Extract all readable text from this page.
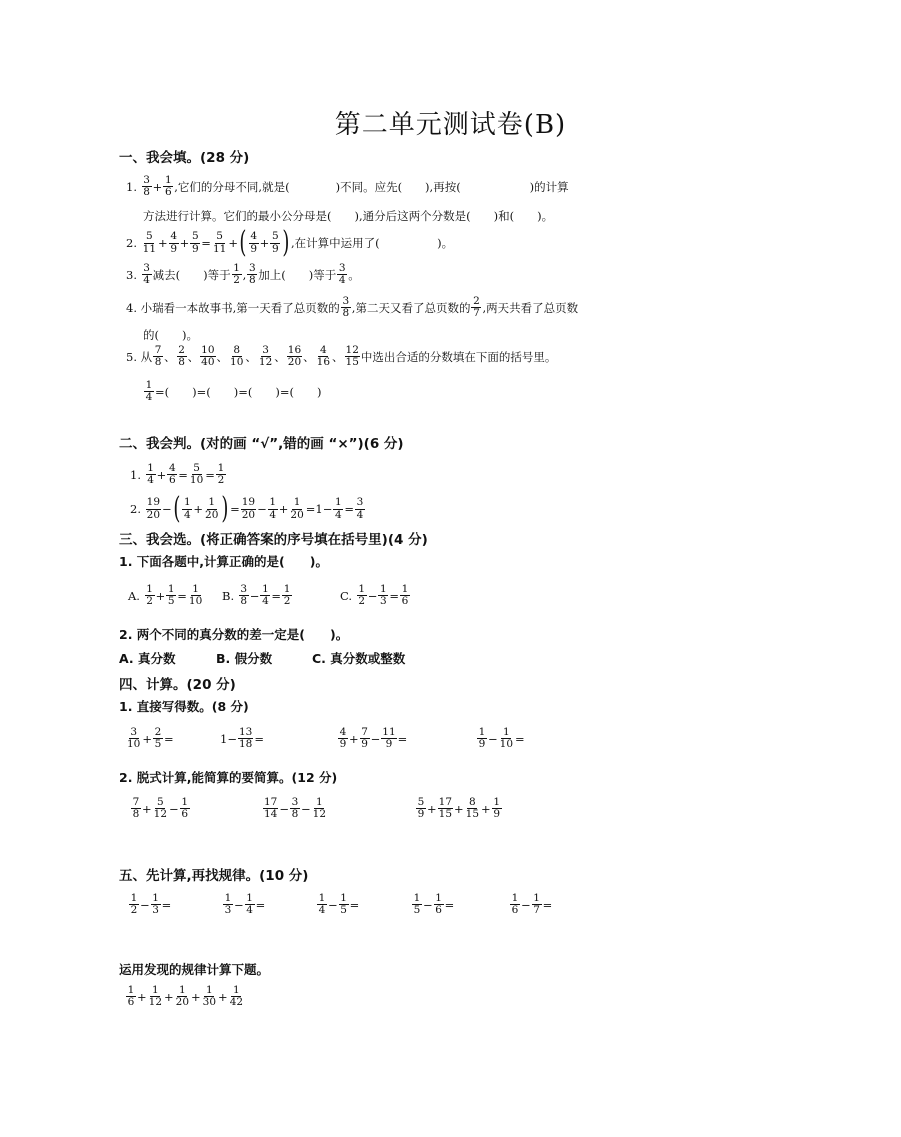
第二单元测试卷(B)
一、我会填。(28 分)
1.
$\frac{3}{8} + \frac{1}{6}$ ,它们的分母不同,就是(　　　　)不同。应先(　　),再按(　　　　　　)的计算
方法进行计算。它们的最小公分母是(　　),通分后这两个分数是(　　)和(　　)。
2.
$\frac{5}{11} + \frac{4}{9} + \frac{5}{9} = \frac{5}{11}$ + ( $\frac{4}{9} + \frac{5}{9}$ ) ,在计算中运用了(　　　　　)。
3.
$\frac{3}{4}$ 减去(　　)等于 $\frac{1}{2}$ , $\frac{3}{8}$ 加上(　　)等于 $\frac{3}{4}$ 。
4.
小瑞看一本故事书,第一天看了总页数的 $\frac{3}{8}$ ,第二天又看了总页数的 $\frac{2}{7}$ ,两天共看了总页数
的(　　)。
5.
从 $\frac{7}{8}$ 、 $\frac{2}{8}$ 、 $\frac{10}{40}$ 、 $\frac{8}{10}$ 、 $\frac{3}{12}$ 、 $\frac{16}{20}$ 、 $\frac{4}{16}$ 、 $\frac{12}{15}$ 中选出合适的分数填在下面的括号里。
$\frac{1}{4}$ =(　　)=(　　)=(　　)=(　　)
二、我会判。(对的画 “√”,错的画 “×”)(6 分)
1.
$\frac{1}{4} + \frac{4}{6} = \frac{5}{10} = \frac{1}{2}$
2.
$\frac{19}{20}$ − ( $\frac{1}{4} + \frac{1}{20}$ ) = $\frac{19}{20} - \frac{1}{4} + \frac{1}{20} = 1- \frac{1}{4} = \frac{3}{4}$
三、我会选。(将正确答案的序号填在括号里)(4 分)
1. 下面各题中,计算正确的是(　　)。
A.
$\frac{1}{2} + \frac{1}{5} = \frac{1}{10} B$.
$\frac{3}{8} - \frac{1}{4} = \frac{1}{2}$	C.
$\frac{1}{2} - \frac{1}{3} = \frac{1}{6}$
2. 两个不同的真分数的差一定是(　　)。
A. 真分数	B. 假分数	C. 真分数或整数
四、计算。(20 分)
1. 直接写得数。(8 分)
$\frac{3}{10} + \frac{2}{5}$ =	$1- \frac{13}{18}$ =	$\frac{4}{9} + \frac{7}{9} - \frac{11}{9}$ =	$\frac{1}{9} - \frac{1}{10}$ =
2. 脱式计算,能简算的要简算。(12 分)
$\frac{7}{8} + \frac{5}{12} - \frac{1}{6}$	$\frac{17}{14} - \frac{3}{8} - \frac{1}{12}$	$\frac{5}{9} + \frac{17}{15} + \frac{8}{15} + \frac{1}{9}$
五、先计算,再找规律。(10 分)
$\frac{1}{2} - \frac{1}{3}$ =	$\frac{1}{3} - \frac{1}{4}$ =	$\frac{1}{4} - \frac{1}{5}$ =	$\frac{1}{5} - \frac{1}{6}$ =	$\frac{1}{6} - \frac{1}{7}$ =
运用发现的规律计算下题。
$\frac{1}{6} + \frac{1}{12} + \frac{1}{20} + \frac{1}{30} + \frac{1}{42}$
